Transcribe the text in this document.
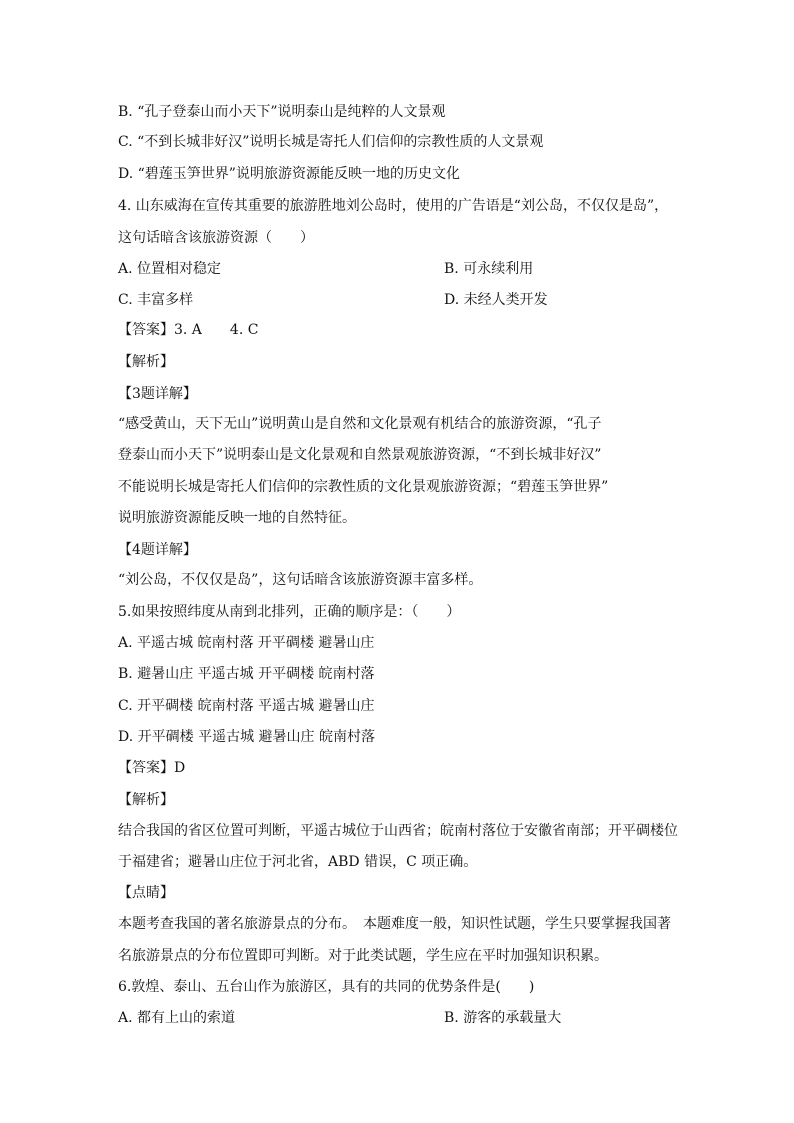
B. “孔子登泰山而小天下”说明泰山是纯粹的人文景观
C. “不到长城非好汉”说明长城是寄托人们信仰的宗教性质的人文景观
D. “碧莲玉笋世界”说明旅游资源能反映一地的历史文化
4. 山东威海在宣传其重要的旅游胜地刘公岛时，使用的广告语是“刘公岛，不仅仅是岛”，
这句话暗含该旅游资源（　　）
A. 位置相对稳定	B. 可永续利用
C. 丰富多样	D. 未经人类开发
【答案】3. A　　4. C
【解析】
【3题详解】
“感受黄山，天下无山”说明黄山是自然和文化景观有机结合的旅游资源，“孔子
登泰山而小天下”说明泰山是文化景观和自然景观旅游资源，“不到长城非好汉”
不能说明长城是寄托人们信仰的宗教性质的文化景观旅游资源；“碧莲玉笋世界”
说明旅游资源能反映一地的自然特征。
【4题详解】
“刘公岛，不仅仅是岛”，这句话暗含该旅游资源丰富多样。
5.如果按照纬度从南到北排列，正确的顺序是：（　　）
A. 平遥古城 皖南村落 开平碉楼 避暑山庄
B. 避暑山庄 平遥古城 开平碉楼 皖南村落
C. 开平碉楼 皖南村落 平遥古城 避暑山庄
D. 开平碉楼 平遥古城 避暑山庄 皖南村落
【答案】D
【解析】
结合我国的省区位置可判断，平遥古城位于山西省；皖南村落位于安徽省南部；开平碉楼位
于福建省；避暑山庄位于河北省，ABD 错误，C 项正确。
【点睛】
本题考查我国的著名旅游景点的分布。　本题难度一般，知识性试题，学生只要掌握我国著
名旅游景点的分布位置即可判断。对于此类试题，学生应在平时加强知识积累。
6.敦煌、泰山、五台山作为旅游区，具有的共同的优势条件是(　　)
A. 都有上山的索道	B. 游客的承载量大
